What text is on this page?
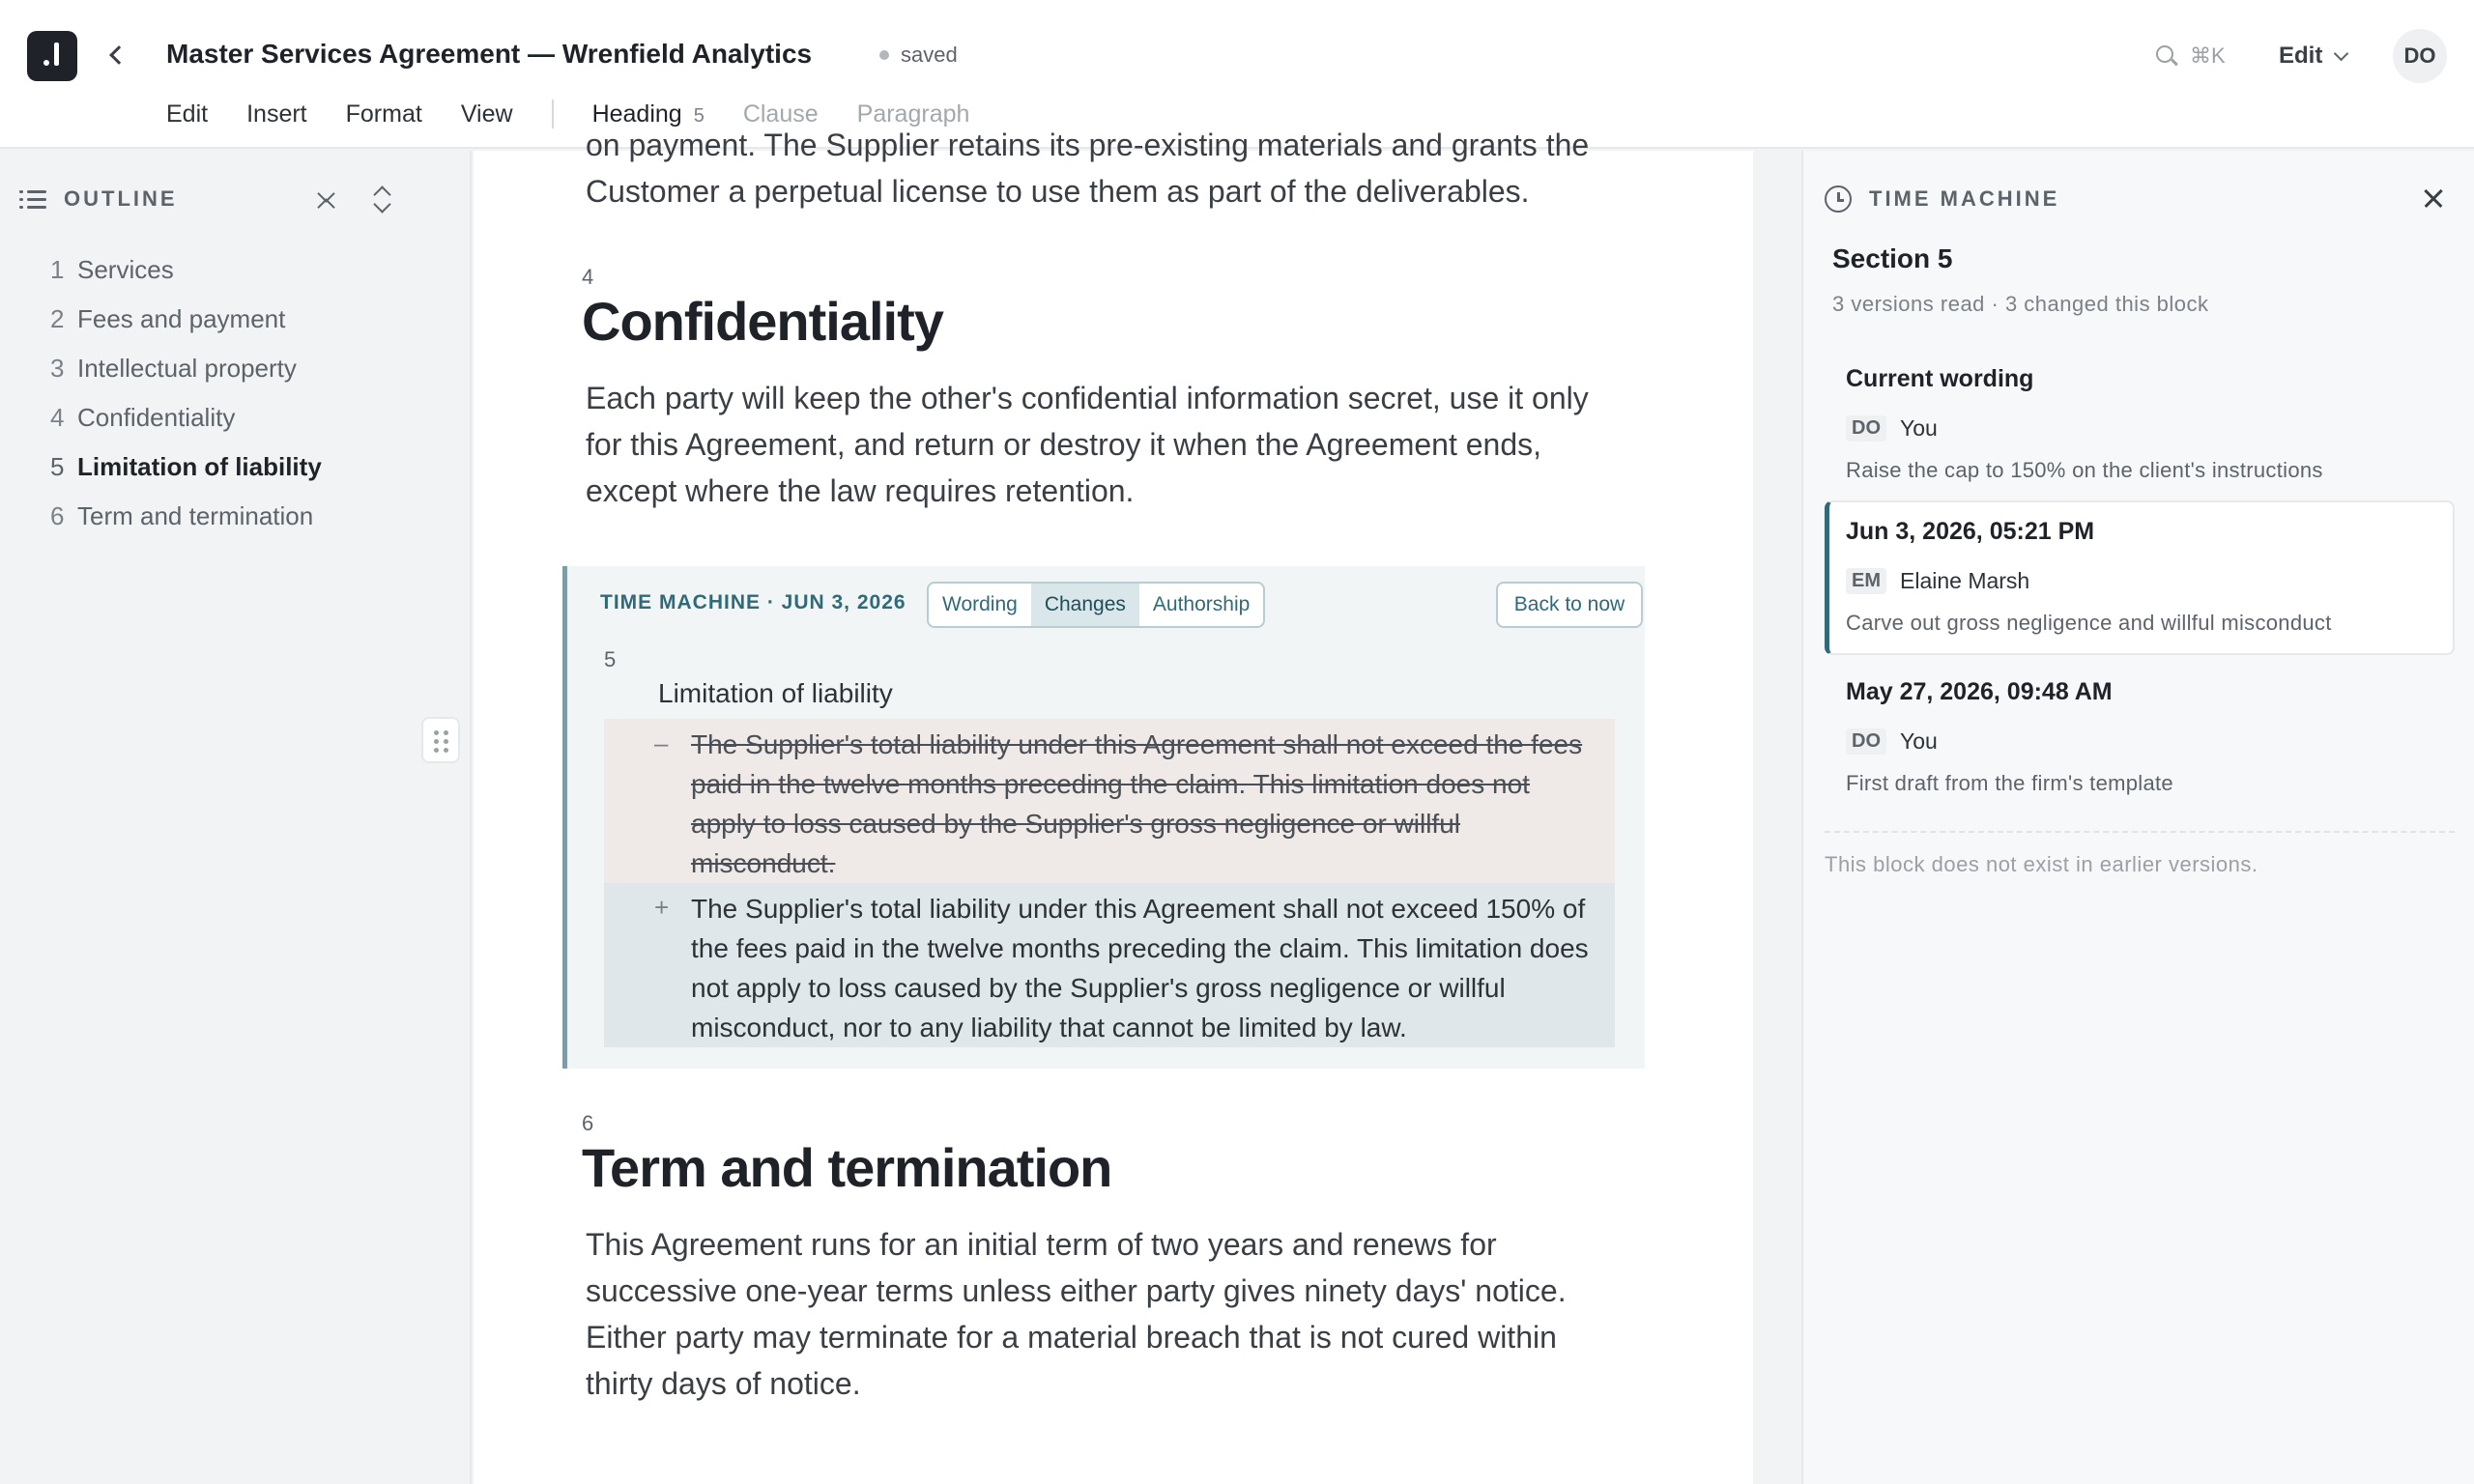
Master Services Agreement — Wrenfield Analytics	saved	⌘K Edit	DO
Edit Insert Format View	Heading 5 Clause Paragraph
OUTLINE
1 Services
2 Fees and payment
3 Intellectual property
4 Confidentiality
5 Limitation of liability
6 Term and termination
on payment. The Supplier retains its pre-existing materials and grants the
Customer a perpetual license to use them as part of the deliverables.
4
Confidentiality
Each party will keep the other's confidential information secret, use it only for this Agreement, and return or destroy it when the Agreement ends, except where the law requires retention.
TIME MACHINE · JUN 3, 2026	Wording	Changes	Authorship	Back to now
5
Limitation of liability
– The Supplier's total liability under this Agreement shall not exceed the fees paid in the twelve months preceding the claim. This limitation does not apply to loss caused by the Supplier's gross negligence or willful misconduct.
+ The Supplier's total liability under this Agreement shall not exceed 150% of the fees paid in the twelve months preceding the claim. This limitation does not apply to loss caused by the Supplier's gross negligence or willful misconduct, nor to any liability that cannot be limited by law.
6
Term and termination
This Agreement runs for an initial term of two years and renews for successive one-year terms unless either party gives ninety days' notice. Either party may terminate for a material breach that is not cured within thirty days of notice.
TIME MACHINE
Section 5
3 versions read · 3 changed this block
Current wording
DO You
Raise the cap to 150% on the client's instructions
Jun 3, 2026, 05:21 PM
EM Elaine Marsh
Carve out gross negligence and willful misconduct
May 27, 2026, 09:48 AM
DO You
First draft from the firm's template
This block does not exist in earlier versions.
